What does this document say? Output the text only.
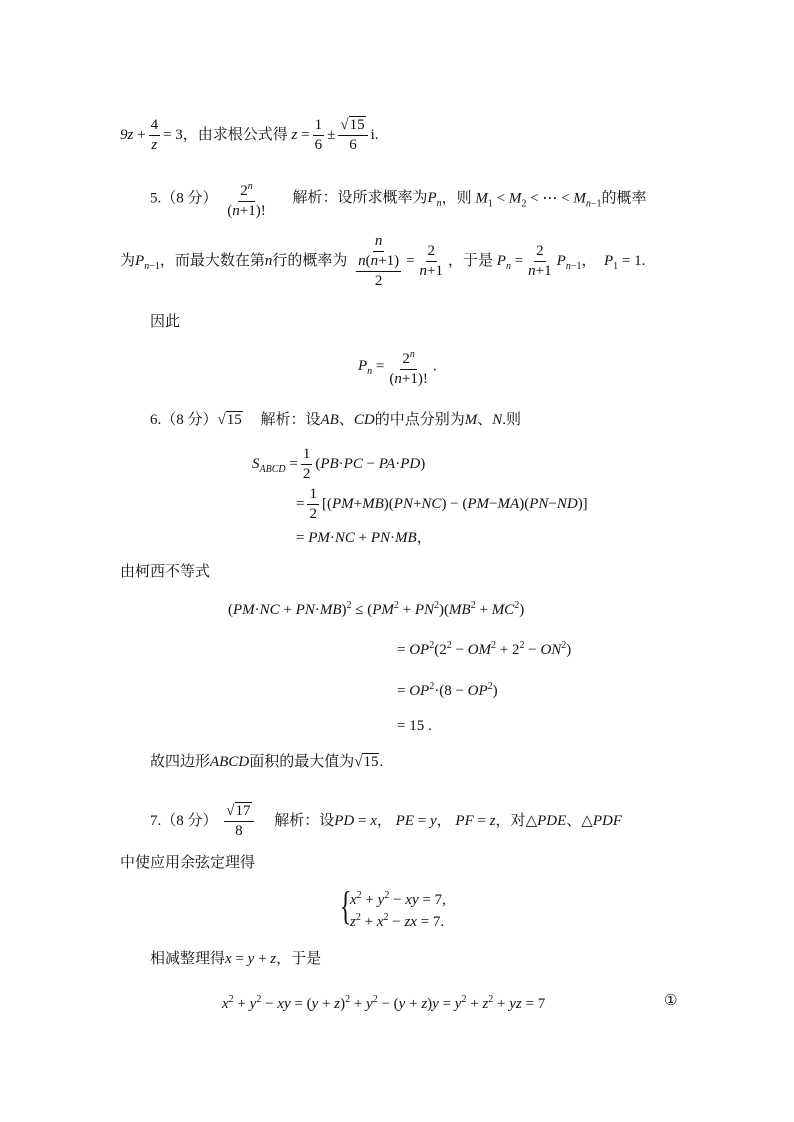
$9z + \frac{4}{z} = 3$，由求根公式得 $z = \frac{1}{6} \pm \frac{√15}{6} i$.
5.（8 分） $\frac{2^n}{(n+1)!}$ 解析：设所求概率为$P_n$，则 $M_1 < M_2$ < ⋯ < $M_{n-1}$的概率
为$P_{n-1}$，而最大数在第n行的概率为 $\frac{n}{\frac{n(n+1)}{2}} = \frac{2}{n+1}$ ，于是 $P_n = \frac{2}{n+1} P_{n-1}$， $P_1 = 1$.
因此
$P_n = \frac{2^n}{(n+1)!}$ .
6.（8 分）√15 解析：设AB、CD的中点分别为M、N.则
$S_{ABCD} = \frac{1}{2} (PB\cdot PC - PA\cdot PD)$
= $\frac{1}{2} [(PM+MB)(PN+NC) - (PM-MA)(PN-ND)]$
= PM·NC + PN·MB，
由柯西不等式
$(PM\cdot NC + PN\cdot MB)^2 \le (PM^2 + PN^2)(MB^2 + MC^2)$
= $OP^2(2^2 - OM^2 + 2^2 - ON^2)$
= $OP^2\cdot(8 - OP^2)$
= 15 .
故四边形ABCD面积的最大值为√15.
7.（8 分） $\frac{√17}{8}$ 解析：设PD = x， PE = y， PF = z，对△PDE、△PDF
中使应用余弦定理得
{
$x^2 + y^2$ − xy = 7,
$z^2 + x^2$ − zx = 7.
相减整理得x = y + z，于是
$x^2 + y^2$ − xy = $(y + z)^2 + y^2 - (y + z)y = y^2 + z^2$ + yz = 7	①
